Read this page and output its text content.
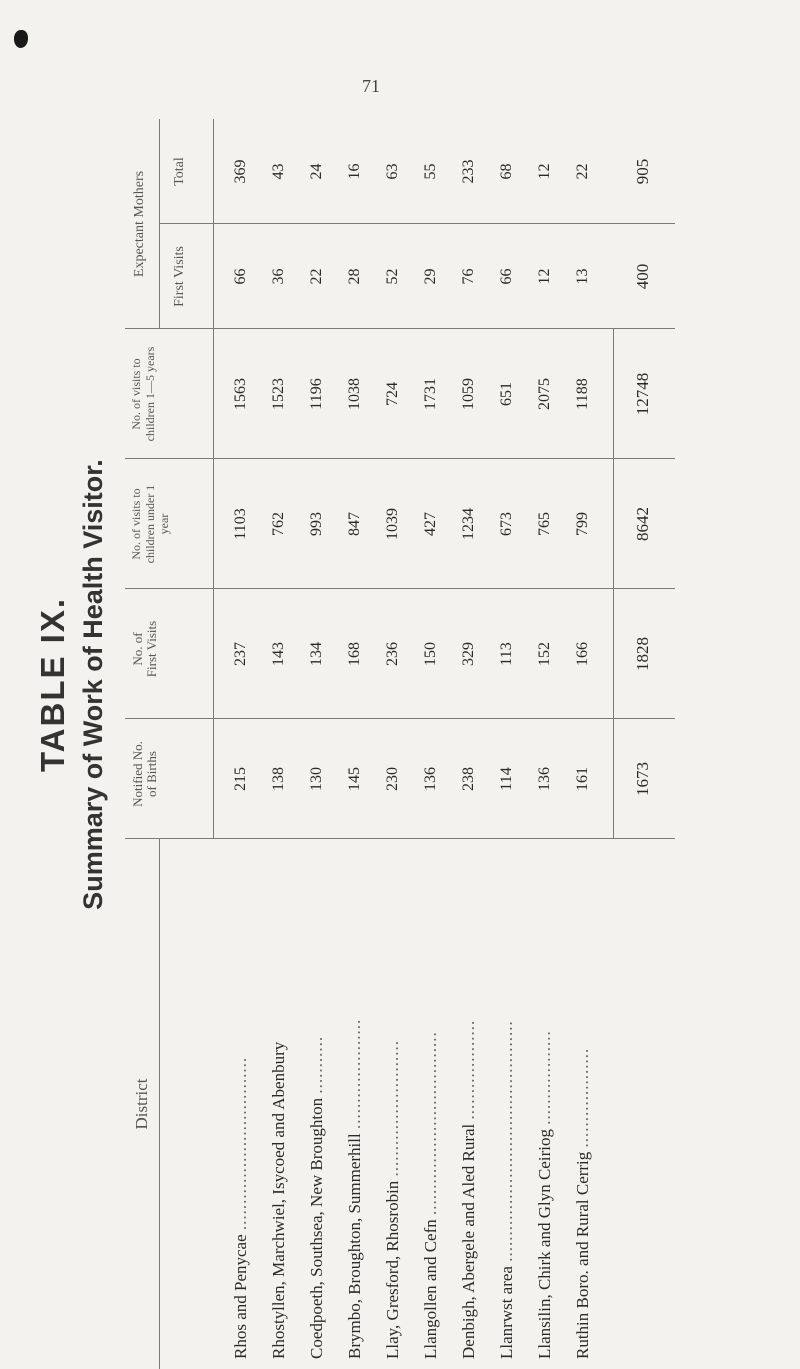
71
TABLE IX. Summary of Work of Health Visitor.
District
Notified No. of Births
No. of First Visits
No. of visits to children under 1 year
No. of visits to children 1—5 years
Expectant Mothers First Visits
Total
Rhos and Penycae ................................. Rhostyllen, Marchwiel, Isycoed and Abenbury Coedpoeth, Southsea, New Broughton ...........
Brymbo, Broughton, Summerhill .....................
Llay, Gresford, Rhosrobin ..........................
Llangollen and Cefn ...................................
Denbigh, Abergele and Aled Rural ...................
Llanrwst area .............................................. Llansilin, Chirk and Glyn Ceiriog ..................
Ruthin Boro. and Rural Cerrig ...................
215 138 130 145 230 136 238 114 136 161 1673
237 143 134 168 236 150 329 113 152 166 1828
1103 762 993 847 1039 427 1234 673 765 799 8642
1563 1523 1196 1038 724 1731 1059 651 2075 1188 12748
66 36 22 28 52 29 76 66 12 13 400
369 43 24 16 63 55 233 68 12 22 905
